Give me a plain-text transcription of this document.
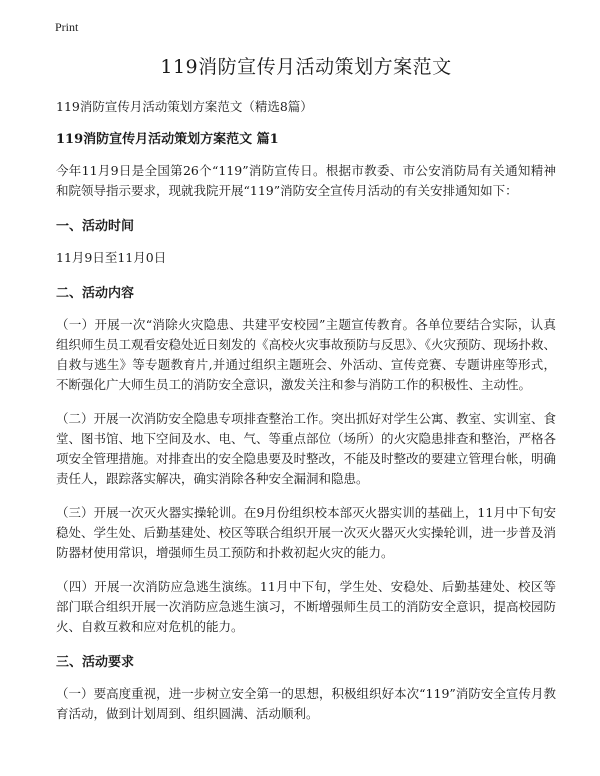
Print
119消防宣传月活动策划方案范文
119消防宣传月活动策划方案范文（精选8篇）
119消防宣传月活动策划方案范文 篇1

今年11月9日是全国第26个“119”消防宣传日。根据市教委、市公安消防局有关通知精神和院领导指示要求，现就我院开展“119”消防安全宣传月活动的有关安排通知如下：

一、活动时间

11月9日至11月0日

二、活动内容

（一）开展一次“消除火灾隐患、共建平安校园”主题宣传教育。各单位要结合实际，认真组织师生员工观看安稳处近日刻发的《高校火灾事故预防与反思》、《火灾预防、现场扑救、自救与逃生》等专题教育片,并通过组织主题班会、外活动、宣传竞赛、专题讲座等形式，不断强化广大师生员工的消防安全意识，激发关注和参与消防工作的积极性、主动性。

（二）开展一次消防安全隐患专项排查整治工作。突出抓好对学生公寓、教室、实训室、食堂、图书馆、地下空间及水、电、气、等重点部位（场所）的火灾隐患排查和整治，严格各项安全管理措施。对排查出的安全隐患要及时整改，不能及时整改的要建立管理台帐，明确责任人，跟踪落实解决，确实消除各种安全漏洞和隐患。

（三）开展一次灭火器实操轮训。在9月份组织校本部灭火器实训的基础上，11月中下旬安稳处、学生处、后勤基建处、校区等联合组织开展一次灭火器灭火实操轮训，进一步普及消防器材使用常识，增强师生员工预防和扑救初起火灾的能力。

（四）开展一次消防应急逃生演练。11月中下旬，学生处、安稳处、后勤基建处、校区等部门联合组织开展一次消防应急逃生演习，不断增强师生员工的消防安全意识，提高校园防火、自救互救和应对危机的能力。

三、活动要求

（一）要高度重视，进一步树立安全第一的思想，积极组织好本次“119”消防安全宣传月教育活动，做到计划周到、组织圆满、活动顺利。
